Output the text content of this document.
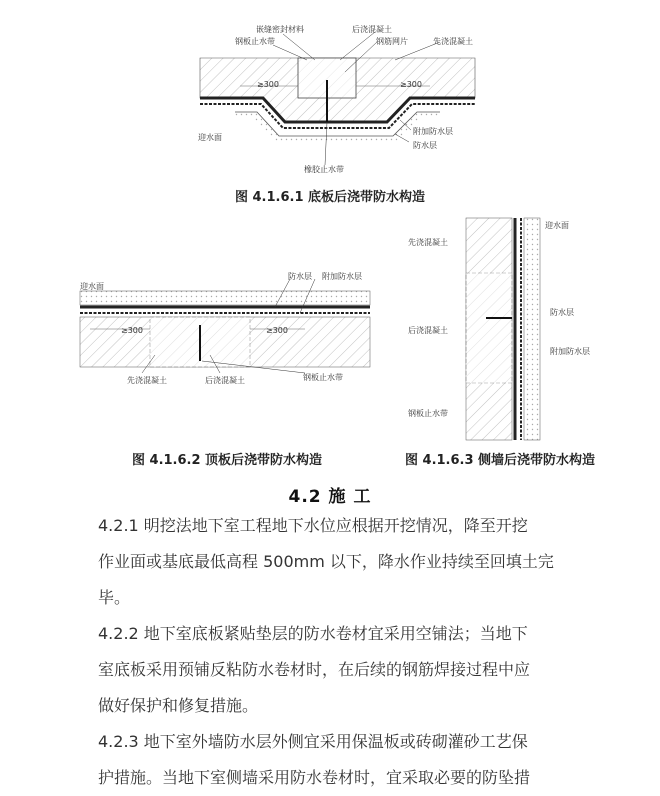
嵌缝密封材料
钢板止水带
后浇混凝土
钢筋网片	先浇混凝土
≥300	≥300
迎水面
附加防水层
防水层
橡胶止水带
图 4.1.6.1 底板后浇带防水构造
迎水面
防水层 附加防水层
≥300	≥300
先浇混凝土	后浇混凝土	钢板止水带
图 4.1.6.2 顶板后浇带防水构造
迎水面
先浇混凝土
后浇混凝土
防水层
附加防水层
钢板止水带
图 4.1.6.3 侧墙后浇带防水构造
4.2 施 工
4.2.1 明挖法地下室工程地下水位应根据开挖情况，降至开挖
作业面或基底最低高程 500mm 以下，降水作业持续至回填土完
毕。
4.2.2 地下室底板紧贴垫层的防水卷材宜采用空铺法；当地下
室底板采用预铺反粘防水卷材时，在后续的钢筋焊接过程中应
做好保护和修复措施。
4.2.3 地下室外墙防水层外侧宜采用保温板或砖砌灌砂工艺保
护措施。当地下室侧墙采用防水卷材时，宜采取必要的防坠措
